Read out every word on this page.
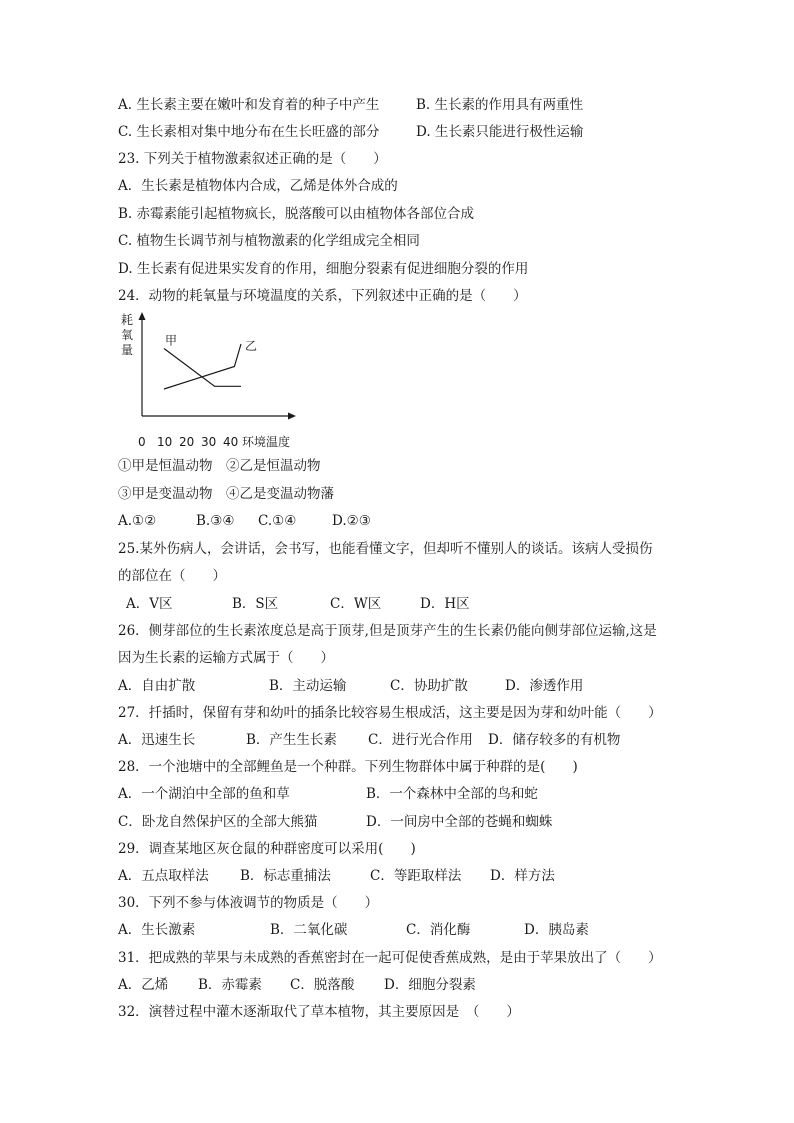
A. 生长素主要在嫩叶和发育着的种子中产生

	B. 生长素的作用具有两重性

C. 生长素相对集中地分布在生长旺盛的部分

	D. 生长素只能进行极性运输

23. 下列关于植物激素叙述正确的是（　　）
A．生长素是植物体内合成，乙烯是体外合成的
B. 赤霉素能引起植物疯长，脱落酸可以由植物体各部位合成
C. 植物生长调节剂与植物激素的化学组成完全相同
D. 生长素有促进果实发育的作用，细胞分裂素有促进细胞分裂的作用
24．动物的耗氧量与环境温度的关系，下列叙述中正确的是（　　）
耗
氧
量
0 10 20 30 40 环境温度
甲	乙
①甲是恒温动物　②乙是恒温动物
③甲是变温动物　④乙是变温动物藩

A.①②

	B.③④

C.①④

	D.②③

25.某外伤病人，会讲话，会书写，也能看懂文字，但却听不懂别人的谈话。该病人受损伤
的部位在（　　）

A．V区

	B．S区

	C．W区

	D．H区

26．侧芽部位的生长素浓度总是高于顶芽,但是顶芽产生的生长素仍能向侧芽部位运输,这是
因为生长素的运输方式属于（　　）

A．自由扩散

	B．主动运输

	C．协助扩散

	D．渗透作用

27．扦插时，保留有芽和幼叶的插条比较容易生根成活，这主要是因为芽和幼叶能（　　）

A．迅速生长

	B．产生生长素

C．进行光合作用

D．储存较多的有机物

28．一个池塘中的全部鲤鱼是一个种群。下列生物群体中属于种群的是(　　)

A．一个湖泊中全部的鱼和草

	B．一个森林中全部的鸟和蛇

C．卧龙自然保护区的全部大熊猫

	D．一间房中全部的苍蝇和蜘蛛

29．调查某地区灰仓鼠的种群密度可以采用(　　)

A．五点取样法

B．标志重捕法

	C．等距取样法

D．样方法

30．下列不参与体液调节的物质是（　　）

A．生长激素

	B．二氧化碳

	C．消化酶

	D．胰岛素

31．把成熟的苹果与未成熟的香蕉密封在一起可促使香蕉成熟，是由于苹果放出了（　　）

A．乙烯

B．赤霉素

C．脱落酸

D．细胞分裂素

32．演替过程中灌木逐渐取代了草本植物，其主要原因是　（　　）
